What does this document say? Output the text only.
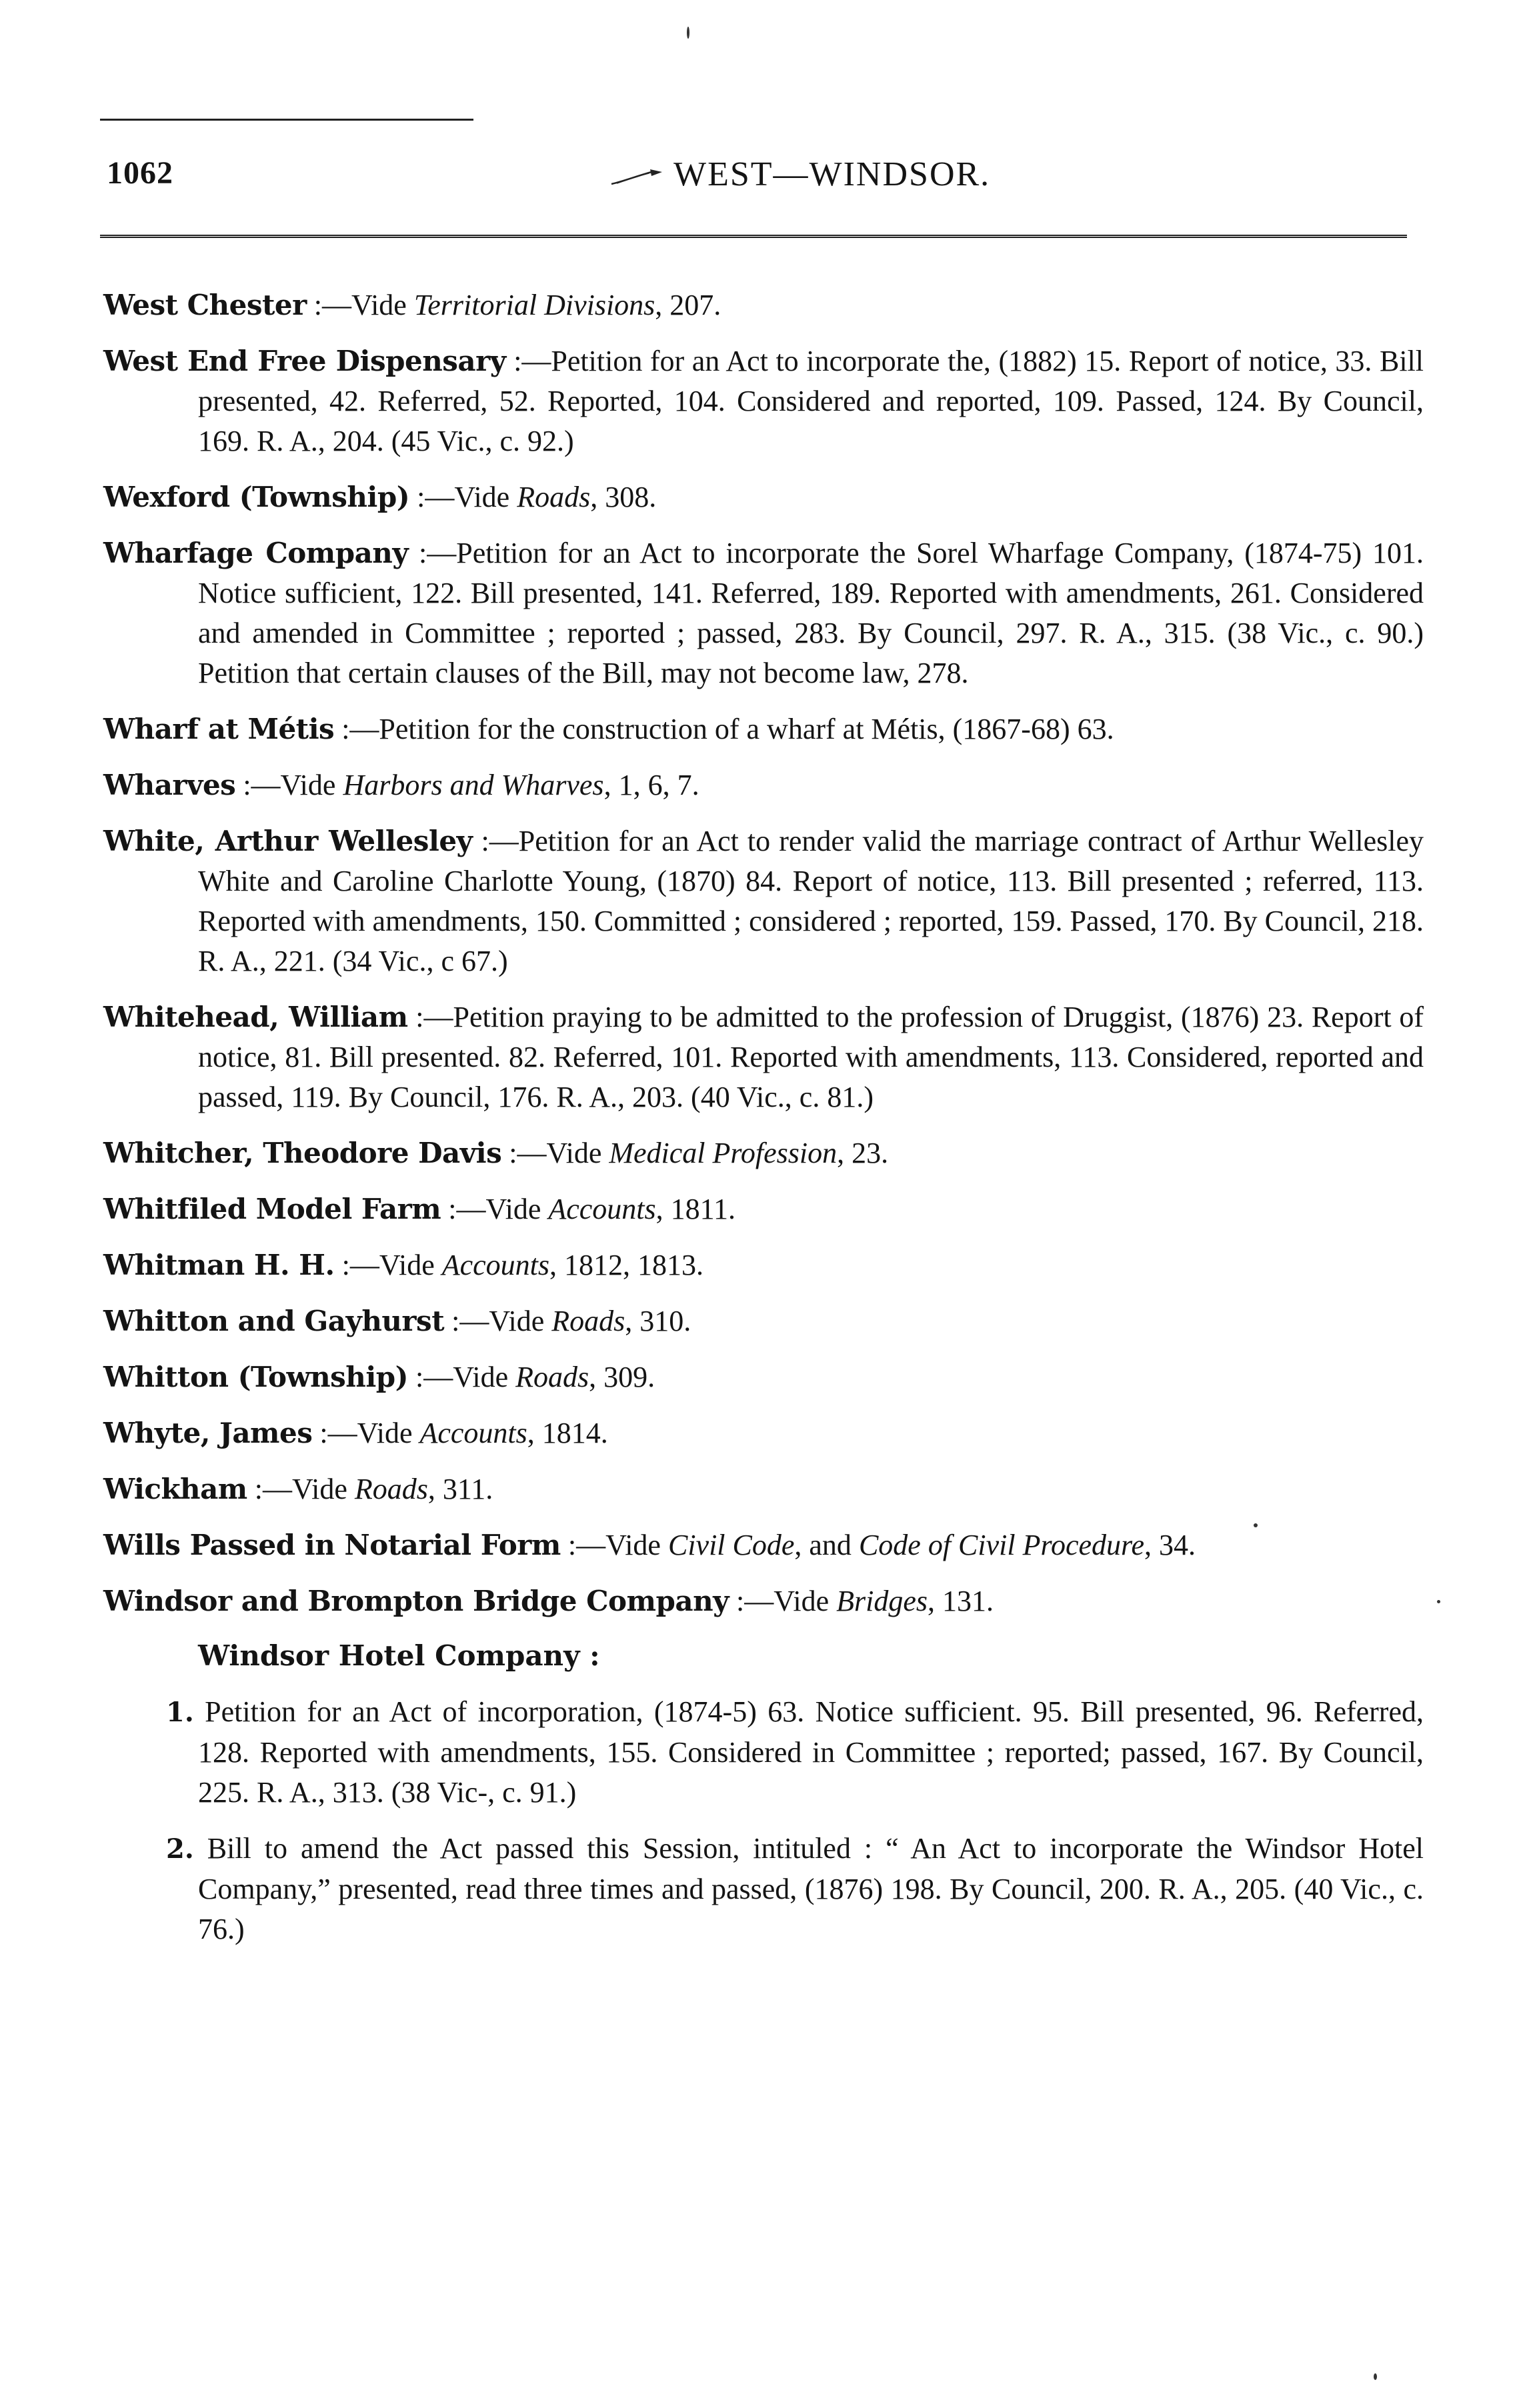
1062	WEST—WINDSOR.
West Chester :—Vide Territorial Divisions, 207.
West End Free Dispensary :—Petition for an Act to incorporate the, (1882) 15. Report of notice, 33. Bill presented, 42. Referred, 52. Reported, 104. Considered and reported, 109. Passed, 124. By Council, 169. R. A., 204. (45 Vic., c. 92.)
Wexford (Township) :—Vide Roads, 308.
Wharfage Company :—Petition for an Act to incorporate the Sorel Wharfage Company, (1874-75) 101. Notice sufficient, 122. Bill presented, 141. Referred, 189. Reported with amendments, 261. Considered and amended in Committee ; reported ; passed, 283. By Council, 297. R. A., 315. (38 Vic., c. 90.) Petition that certain clauses of the Bill, may not become law, 278.
Wharf at Métis :—Petition for the construction of a wharf at Métis, (1867-68) 63.
Wharves :—Vide Harbors and Wharves, 1, 6, 7.
White, Arthur Wellesley :—Petition for an Act to render valid the marriage contract of Arthur Wellesley White and Caroline Charlotte Young, (1870) 84. Report of notice, 113. Bill presented ; referred, 113. Reported with amendments, 150. Committed ; considered ; reported, 159. Passed, 170. By Council, 218. R. A., 221. (34 Vic., c 67.)
Whitehead, William :—Petition praying to be admitted to the profession of Druggist, (1876) 23. Report of notice, 81. Bill presented. 82. Referred, 101. Reported with amendments, 113. Considered, reported and passed, 119. By Council, 176. R. A., 203. (40 Vic., c. 81.)
Whitcher, Theodore Davis :—Vide Medical Profession, 23.
Whitfiled Model Farm :—Vide Accounts, 1811.
Whitman H. H. :—Vide Accounts, 1812, 1813.
Whitton and Gayhurst :—Vide Roads, 310.
Whitton (Township) :—Vide Roads, 309.
Whyte, James :—Vide Accounts, 1814.
Wickham :—Vide Roads, 311.
Wills Passed in Notarial Form :—Vide Civil Code, and Code of Civil Procedure, 34.
Windsor and Brompton Bridge Company :—Vide Bridges, 131.
Windsor Hotel Company :
1. Petition for an Act of incorporation, (1874-5) 63. Notice sufficient. 95. Bill presented, 96. Referred, 128. Reported with amendments, 155. Considered in Committee ; reported; passed, 167. By Council, 225. R. A., 313. (38 Vic-, c. 91.)
2. Bill to amend the Act passed this Session, intituled : “ An Act to incorporate the Windsor Hotel Company,” presented, read three times and passed, (1876) 198. By Council, 200. R. A., 205. (40 Vic., c. 76.)
